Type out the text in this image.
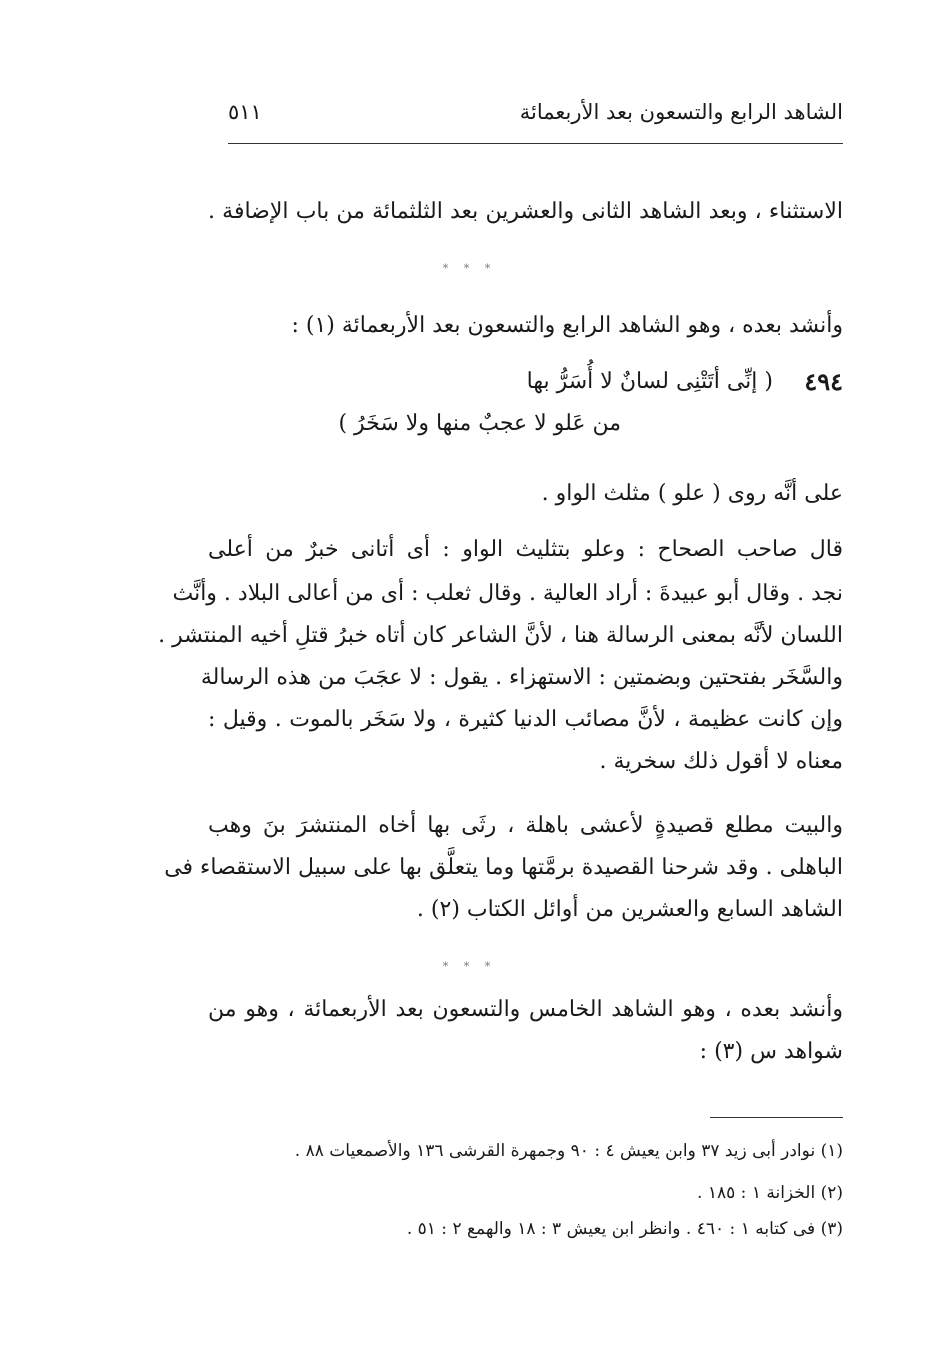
الشاهد الرابع والتسعون بعد الأربعمائة
٥١١
الاستثناء ، وبعد الشاهد الثانى والعشرين بعد الثلثمائة من باب الإضافة .
* * *
وأنشد بعده ، وهو الشاهد الرابع والتسعون بعد الأربعمائة (١) :
٤٩٤
( إنِّى أتَتْنِى لسانٌ لا أُسَرُّ بها
من عَلو لا عجبٌ منها ولا سَخَرُ )
على أنَّه روى ( علو ) مثلث الواو .
قال صاحب الصحاح : وعلو بتثليث الواو : أى أتانى خبرٌ من أعلى
نجد . وقال أبو عبيدةَ : أراد العالية . وقال ثعلب : أى من أعالى البلاد . وأنَّث
اللسان لأنَّه بمعنى الرسالة هنا ، لأنَّ الشاعر كان أتاه خبرُ قتلِ أخيه المنتشر .
والسَّخَر بفتحتين وبضمتين : الاستهزاء . يقول : لا عجَبَ من هذه الرسالة
وإن كانت عظيمة ، لأنَّ مصائب الدنيا كثيرة ، ولا سَخَر بالموت . وقيل :
معناه لا أقول ذلك سخرية .
والبيت مطلع قصيدةٍ لأعشى باهلة ، رثَى بها أخاه المنتشرَ بنَ وهب
الباهلى . وقد شرحنا القصيدة برمَّتها وما يتعلَّق بها على سبيل الاستقصاء فى
الشاهد السابع والعشرين من أوائل الكتاب (٢) .
* * *
وأنشد بعده ، وهو الشاهد الخامس والتسعون بعد الأربعمائة ، وهو من
شواهد س (٣) :
(١) نوادر أبى زيد ٣٧ وابن يعيش ٤ : ٩٠ وجمهرة القرشى ١٣٦ والأصمعيات ٨٨ .
(٢) الخزانة ١ : ١٨٥ .
(٣) فى كتابه ١ : ٤٦٠ . وانظر ابن يعيش ٣ : ١٨ والهمع ٢ : ٥١ .
